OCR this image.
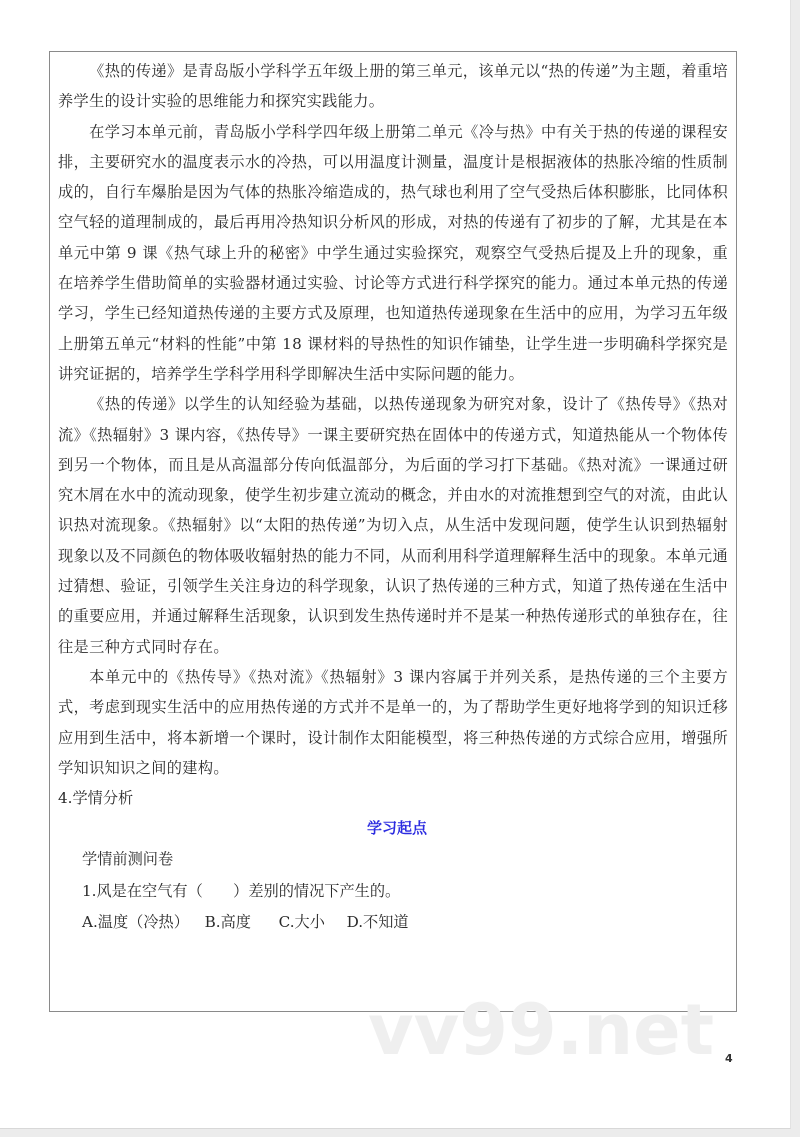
《热的传递》是青岛版小学科学五年级上册的第三单元，该单元以“热的传递”为主题，着重培养学生的设计实验的思维能力和探究实践能力。

在学习本单元前，青岛版小学科学四年级上册第二单元《冷与热》中有关于热的传递的课程安排，主要研究水的温度表示水的冷热，可以用温度计测量，温度计是根据液体的热胀冷缩的性质制成的，自行车爆胎是因为气体的热胀冷缩造成的，热气球也利用了空气受热后体积膨胀，比同体积空气轻的道理制成的，最后再用冷热知识分析风的形成，对热的传递有了初步的了解，尤其是在本单元中第 9 课《热气球上升的秘密》中学生通过实验探究，观察空气受热后提及上升的现象，重在培养学生借助简单的实验器材通过实验、讨论等方式进行科学探究的能力。通过本单元热的传递学习，学生已经知道热传递的主要方式及原理，也知道热传递现象在生活中的应用，为学习五年级上册第五单元“材料的性能”中第 18 课材料的导热性的知识作铺垫，让学生进一步明确科学探究是讲究证据的，培养学生学科学用科学即解决生活中实际问题的能力。

《热的传递》以学生的认知经验为基础，以热传递现象为研究对象，设计了《热传导》《热对流》《热辐射》3 课内容，《热传导》一课主要研究热在固体中的传递方式，知道热能从一个物体传到另一个物体，而且是从高温部分传向低温部分，为后面的学习打下基础。《热对流》一课通过研究木屑在水中的流动现象，使学生初步建立流动的概念，并由水的对流推想到空气的对流，由此认识热对流现象。《热辐射》以“太阳的热传递”为切入点，从生活中发现问题，使学生认识到热辐射现象以及不同颜色的物体吸收辐射热的能力不同，从而利用科学道理解释生活中的现象。本单元通过猜想、验证，引领学生关注身边的科学现象，认识了热传递的三种方式，知道了热传递在生活中的重要应用，并通过解释生活现象，认识到发生热传递时并不是某一种热传递形式的单独存在，往往是三种方式同时存在。

本单元中的《热传导》《热对流》《热辐射》3 课内容属于并列关系，是热传递的三个主要方式，考虑到现实生活中的应用热传递的方式并不是单一的，为了帮助学生更好地将学到的知识迁移应用到生活中，将本新增一个课时，设计制作太阳能模型，将三种热传递的方式综合应用，增强所学知识知识之间的建构。

4.学情分析

学习起点

学情前测问卷

1.风是在空气有（　　）差别的情况下产生的。

A.温度（冷热） B.高度 C.大小 D.不知道

vv99.net 4
